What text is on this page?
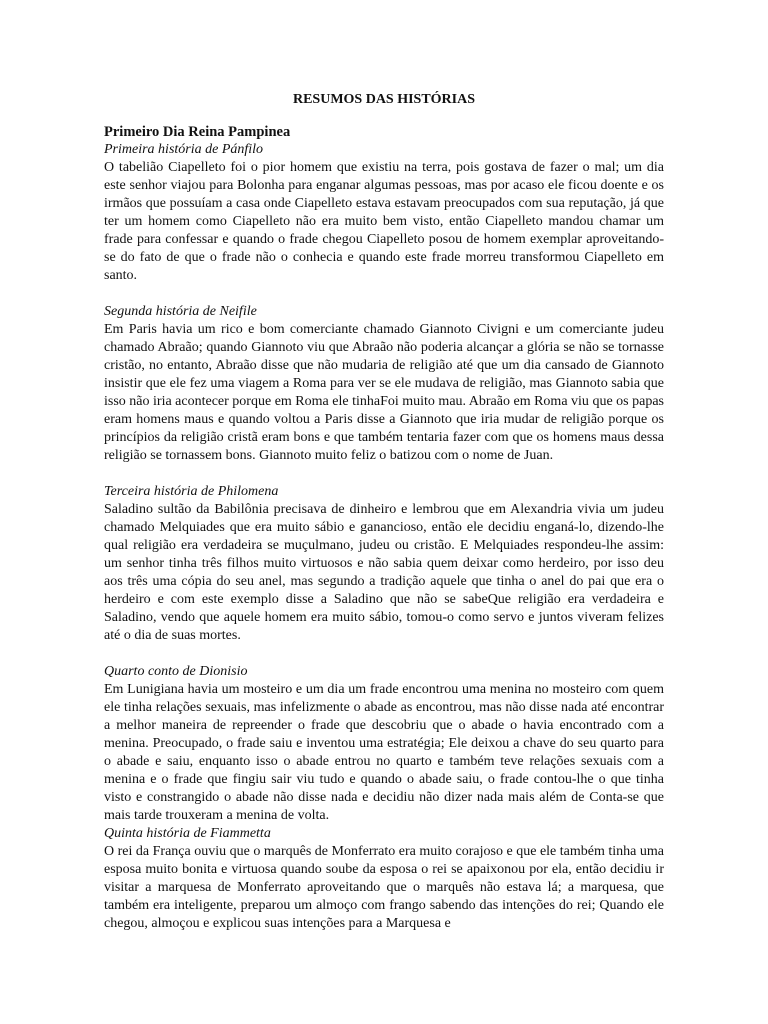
RESUMOS DAS HISTÓRIAS
Primeiro Dia Reina Pampinea

Primeira história de Pánfilo

O tabelião Ciapelleto foi o pior homem que existiu na terra, pois gostava de fazer o mal; um dia este senhor viajou para Bolonha para enganar algumas pessoas, mas por acaso ele ficou doente e os irmãos que possuíam a casa onde Ciapelleto estava estavam preocupados com sua reputação, já que ter um homem como Ciapelleto não era muito bem visto, então Ciapelleto mandou chamar um frade para confessar e quando o frade chegou Ciapelleto posou de homem exemplar aproveitando-se do fato de que o frade não o conhecia e quando este frade morreu transformou Ciapelleto em santo.

Segunda história de Neifile

Em Paris havia um rico e bom comerciante chamado Giannoto Civigni e um comerciante judeu chamado Abraão; quando Giannoto viu que Abraão não poderia alcançar a glória se não se tornasse cristão, no entanto, Abraão disse que não mudaria de religião até que um dia cansado de Giannoto insistir que ele fez uma viagem a Roma para ver se ele mudava de religião, mas Giannoto sabia que isso não iria acontecer porque em Roma ele tinhaFoi muito mau. Abraão em Roma viu que os papas eram homens maus e quando voltou a Paris disse a Giannoto que iria mudar de religião porque os princípios da religião cristã eram bons e que também tentaria fazer com que os homens maus dessa religião se tornassem bons. Giannoto muito feliz o batizou com o nome de Juan.

Terceira história de Philomena

Saladino sultão da Babilônia precisava de dinheiro e lembrou que em Alexandria vivia um judeu chamado Melquiades que era muito sábio e ganancioso, então ele decidiu enganá-lo, dizendo-lhe qual religião era verdadeira se muçulmano, judeu ou cristão. E Melquiades respondeu-lhe assim: um senhor tinha três filhos muito virtuosos e não sabia quem deixar como herdeiro, por isso deu aos três uma cópia do seu anel, mas segundo a tradição aquele que tinha o anel do pai que era o herdeiro e com este exemplo disse a Saladino que não se sabeQue religião era verdadeira e Saladino, vendo que aquele homem era muito sábio, tomou-o como servo e juntos viveram felizes até o dia de suas mortes.

Quarto conto de Dionisio

Em Lunigiana havia um mosteiro e um dia um frade encontrou uma menina no mosteiro com quem ele tinha relações sexuais, mas infelizmente o abade as encontrou, mas não disse nada até encontrar a melhor maneira de repreender o frade que descobriu que o abade o havia encontrado com a menina. Preocupado, o frade saiu e inventou uma estratégia; Ele deixou a chave do seu quarto para o abade e saiu, enquanto isso o abade entrou no quarto e também teve relações sexuais com a menina e o frade que fingiu sair viu tudo e quando o abade saiu, o frade contou-lhe o que tinha visto e constrangido o abade não disse nada e decidiu não dizer nada mais além de Conta-se que mais tarde trouxeram a menina de volta.

Quinta história de Fiammetta

O rei da França ouviu que o marquês de Monferrato era muito corajoso e que ele também tinha uma esposa muito bonita e virtuosa quando soube da esposa o rei se apaixonou por ela, então decidiu ir visitar a marquesa de Monferrato aproveitando que o marquês não estava lá; a marquesa, que também era inteligente, preparou um almoço com frango sabendo das intenções do rei; Quando ele chegou, almoçou e explicou suas intenções para a Marquesa e
